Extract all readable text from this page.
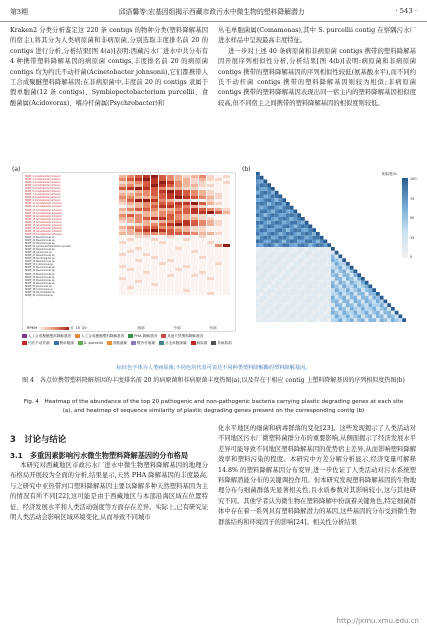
第3期	邱语馨等:宏基因组揭示西藏市政污水中微生物的塑料降解潜力	· 543 ·

Kraken2 分类分析鉴定这 220 条 contigs 的物种分类(塑料降解基因的宿主),将其分为人类病原菌和非病原菌,分别选取丰度排名前 20 的 contigs 进行分析,分析结果[图 4(a)]表明:西藏污水厂进水中共分布有 4 种携带塑料降解基因的病原菌 contigs,丰度排名前 20 的病原菌 contigs 均为约氏不动杆菌(Acinetobacter johnsonii),它们都携带人工合成聚醚塑料降解基因;在非病原菌中,丰度前 20 的 contigs 隶属于假单胞菌(12 条 contigs)、Symbiopectobacterium purcellii、食酸菌属(Acidovorax)、嗜冷杆菌属(Psychrobacter)和

丛毛单胞菌属(Comamonas),其中 S. purcellii contig 在察隅污水厂进水样品中呈现最高丰度特征。

进一步对上述 40 条病原菌和非病原菌 contigs 携带的塑料降解基因开展序列相似性分析,分析结果[图 4(b)]表明:病原菌和非病原菌 contigs 携带的塑料降解基因的序列相似性较低(氨基酸水平),而不同约氏不动杆菌 contigs 携带的塑料降解基因则较为相似;非病原菌 contigs 携带的塑料降解基因表现出同一宿主内的塑料降解基因相似度较高,但不同宿主之间携带的塑料降解基因的相似度则较低。

(a)	(b)
NODE_1 Acinetobacter johnsonii
NODE_2 Acinetobacter johnsonii
NODE_3 Acinetobacter johnsonii
NODE_4 Acinetobacter johnsonii
NODE_5 Acinetobacter johnsonii
NODE_6 Acinetobacter johnsonii
NODE_7 Acinetobacter johnsonii
NODE_8 Acinetobacter johnsonii
NODE_9 Acinetobacter johnsonii
NODE_10 Acinetobacter johnsonii
NODE_11 Acinetobacter johnsonii
NODE_12 Acinetobacter johnsonii
NODE_13 Acinetobacter johnsonii
NODE_14 Acinetobacter johnsonii
NODE_15 Acinetobacter johnsonii
NODE_16 Acinetobacter johnsonii
NODE_17 Acinetobacter johnsonii
NODE_18 Acinetobacter johnsonii
NODE_19 Acinetobacter johnsonii
NODE_20 Acinetobacter johnsonii
NODE_21 Pseudomonas sp.
NODE_22 Pseudomonas sp.
NODE_23 Pseudomonas sp.
NODE_24 Symbiopectobacterium purcellii
NODE_25 Pseudomonas sp.
NODE_26 Acidovorax sp.
NODE_27 Pseudomonas sp.
NODE_28 Psychrobacter sp.
NODE_29 Pseudomonas sp.
NODE_30 Comamonas sp.
NODE_31 Pseudomonas sp.
NODE_32 Pseudomonas sp.
NODE_33 Pseudomonas sp.
NODE_34 Pseudomonas sp.
NODE_35 Pseudomonas sp.
NODE_36 Pseudomonas sp.
NODE_37 Acidovorax sp.
NODE_38 Comamonas sp.
NODE_39 Psychrobacter sp.
NODE_40 Comamonas sp.
西部	中部	东部
RPKM	0 10 20
人工合成聚醚塑料降解基因	人工合成聚酯塑料降解基因	PHA 降解基因	其他天然塑料降解基因
约氏不动杆菌	假单胞菌	S. purcellii	食酸菌属	嗜冷杆菌属	丛毛单胞菌属	病原菌	非病原菌
相似度/%
100
75
50
25
0
标红色字体为人类病原菌;不同色块代表可表达不同种类塑料降解酶的塑料降解基因。
图 4　各点位携带塑料降解基因的丰度排名前 20 的病原菌和非病原菌丰度热图(a),以及存在于相应 contig 上塑料降解基因的序列相似度热图(b)
Fig. 4　Heatmap of the abundance of the top 20 pathogenic and non-pathogenic bacteria carrying plastic degrading genes at each site (a), and heatmap of sequence similarity of plastic degrading genes present on the corresponding contig (b)
3　讨论与结论
3.1　多重因素影响污水微生物塑料降解基因的分布格局

本研究对西藏地区市政污水厂进水中微生物塑料降解基因的地理分布格局开展较为全面的分析,结果显示,天然 PHA 降解基因的丰度最高,与之研究中亚热带河口塑料降解基因主要以降解多种天然塑料基因为主的情况有所不同[22],这可能是由于西藏地区与本部沿海区域在位置特征、经济发展水平和人类活动强度等方面存在差异。实际上,已有研究证明人类活动会影响区域环境变化,从而导致不同城市

化水平地区的细菌和病毒群落的变化[23]。这些发现揭示了人类活动对不同地区污水厂微塑料菌群分布的重要影响,从侧面揭示了经济发展水平差异可能导致不同地区塑料降解基因的优势宿主差异,从而影响塑料降解效率和塑料污染的程度。本研究中方差分解分析显示,经济变量可解释 14.8% 的塑料降解基因分布变异,进一步佐证了人类活动对污水系统塑料降解潜能分布的关键调控作用。但本研究发现塑料降解基因的生物地理分布与细菌群落无显著相关性,且水质参数对其影响较小,这与其他研究不同。其他学者认为微生物在塑料降解中扮演着关键角色,特定细菌群体中存在着一系列具有塑料降解潜力的基因,这些基因的分布受到微生物群落结构和环境因子的影响[24]。相关性分析结果

http://jxmu.xmu.edu.cn
